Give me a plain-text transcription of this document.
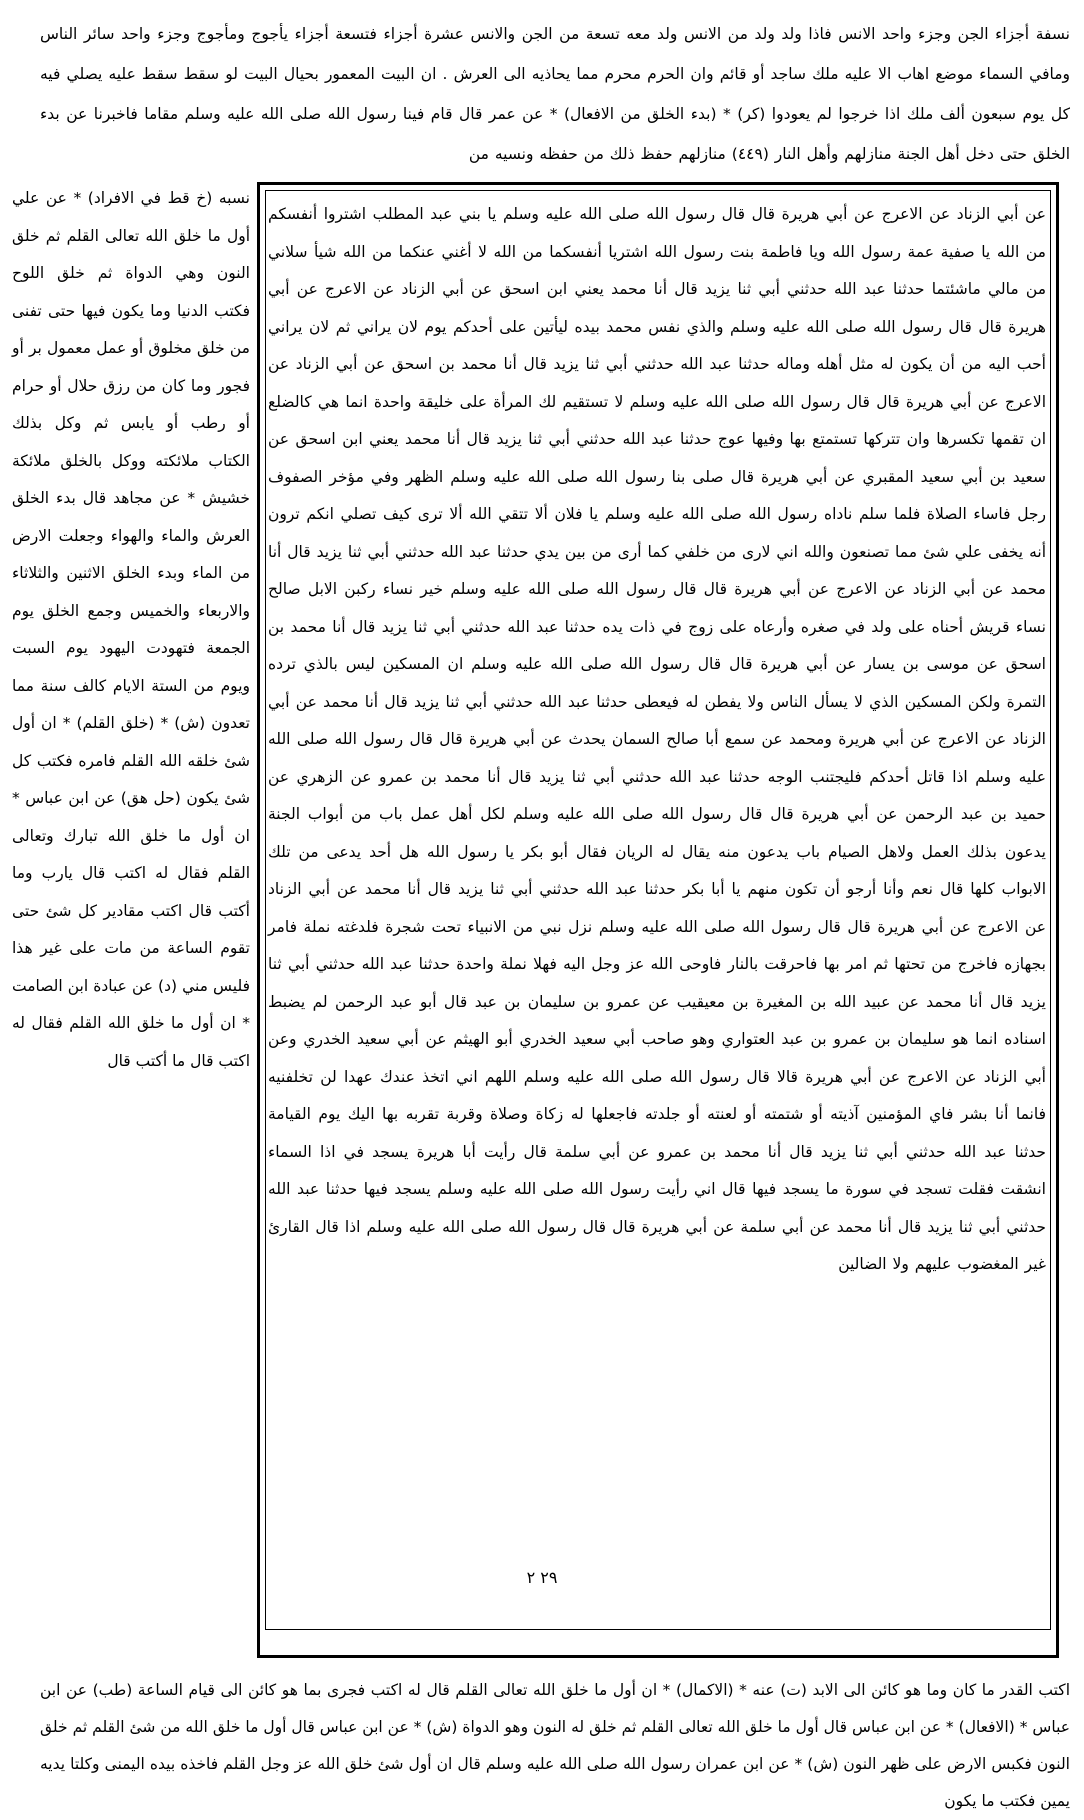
نسفة أجزاء الجن وجزء واحد الانس فاذا ولد ولد من الانس ولد معه تسعة من الجن والانس عشرة أجزاء فتسعة أجزاء يأجوج ومأجوج وجزء واحد سائر الناس ومافي السماء موضع اهاب الا عليه ملك ساجد أو قائم وان الحرم محرم مما يحاذيه الى العرش . ان البيت المعمور بحيال البيت لو سقط سقط عليه يصلي فيه كل يوم سبعون ألف ملك اذا خرجوا لم يعودوا (كر) * (بدء الخلق من الافعال) * عن عمر قال قام فينا رسول الله صلى الله عليه وسلم مقاما فاخبرنا عن بدء الخلق حتى دخل أهل الجنة منازلهم وأهل النار (٤٤٩) منازلهم حفظ ذلك من حفظه ونسيه من
عن أبي الزناد عن الاعرج عن أبي هريرة قال قال رسول الله صلى الله عليه وسلم يا بني عبد المطلب اشتروا أنفسكم من الله يا صفية عمة رسول الله ويا فاطمة بنت رسول الله اشتريا أنفسكما من الله لا أغني عنكما من الله شيأ سلاني من مالي ماشئتما حدثنا عبد الله حدثني أبي ثنا يزيد قال أنا محمد يعني ابن اسحق عن أبي الزناد عن الاعرج عن أبي هريرة قال قال رسول الله صلى الله عليه وسلم والذي نفس محمد بيده ليأتين على أحدكم يوم لان يراني ثم لان يراني أحب اليه من أن يكون له مثل أهله وماله حدثنا عبد الله حدثني أبي ثنا يزيد قال أنا محمد بن اسحق عن أبي الزناد عن الاعرج عن أبي هريرة قال قال رسول الله صلى الله عليه وسلم لا تستقيم لك المرأة على خليقة واحدة انما هي كالضلع ان تقمها تكسرها وان تتركها تستمتع بها وفيها عوج حدثنا عبد الله حدثني أبي ثنا يزيد قال أنا محمد يعني ابن اسحق عن سعيد بن أبي سعيد المقبري عن أبي هريرة قال صلى بنا رسول الله صلى الله عليه وسلم الظهر وفي مؤخر الصفوف رجل فاساء الصلاة فلما سلم ناداه رسول الله صلى الله عليه وسلم يا فلان ألا تتقي الله ألا ترى كيف تصلي انكم ترون أنه يخفى علي شئ مما تصنعون والله اني لارى من خلفي كما أرى من بين يدي حدثنا عبد الله حدثني أبي ثنا يزيد قال أنا محمد عن أبي الزناد عن الاعرج عن أبي هريرة قال قال رسول الله صلى الله عليه وسلم خير نساء ركبن الابل صالح نساء قريش أحناه على ولد في صغره وأرعاه على زوج في ذات يده حدثنا عبد الله حدثني أبي ثنا يزيد قال أنا محمد بن اسحق عن موسى بن يسار عن أبي هريرة قال قال رسول الله صلى الله عليه وسلم ان المسكين ليس بالذي ترده التمرة ولكن المسكين الذي لا يسأل الناس ولا يفطن له فيعطى حدثنا عبد الله حدثني أبي ثنا يزيد قال أنا محمد عن أبي الزناد عن الاعرج عن أبي هريرة ومحمد عن سمع أبا صالح السمان يحدث عن أبي هريرة قال قال رسول الله صلى الله عليه وسلم اذا قاتل أحدكم فليجتنب الوجه حدثنا عبد الله حدثني أبي ثنا يزيد قال أنا محمد بن عمرو عن الزهري عن حميد بن عبد الرحمن عن أبي هريرة قال قال رسول الله صلى الله عليه وسلم لكل أهل عمل باب من أبواب الجنة يدعون بذلك العمل ولاهل الصيام باب يدعون منه يقال له الريان فقال أبو بكر يا رسول الله هل أحد يدعى من تلك الابواب كلها قال نعم وأنا أرجو أن تكون منهم يا أبا بكر حدثنا عبد الله حدثني أبي ثنا يزيد قال أنا محمد عن أبي الزناد عن الاعرج عن أبي هريرة قال قال رسول الله صلى الله عليه وسلم نزل نبي من الانبياء تحت شجرة فلدغته نملة فامر بجهازه فاخرج من تحتها ثم امر بها فاحرقت بالنار فاوحى الله عز وجل اليه فهلا نملة واحدة حدثنا عبد الله حدثني أبي ثنا يزيد قال أنا محمد عن عبيد الله بن المغيرة بن معيقيب عن عمرو بن سليمان بن عبد قال أبو عبد الرحمن لم يضبط اسناده انما هو سليمان بن عمرو بن عبد العتواري وهو صاحب أبي سعيد الخدري أبو الهيثم عن أبي سعيد الخدري وعن أبي الزناد عن الاعرج عن أبي هريرة قالا قال رسول الله صلى الله عليه وسلم اللهم اني اتخذ عندك عهدا لن تخلفنيه فانما أنا بشر فاي المؤمنين آذيته أو شتمته أو لعنته أو جلدته فاجعلها له زكاة وصلاة وقربة تقربه بها اليك يوم القيامة حدثنا عبد الله حدثني أبي ثنا يزيد قال أنا محمد بن عمرو عن أبي سلمة قال رأيت أبا هريرة يسجد في اذا السماء انشقت فقلت تسجد في سورة ما يسجد فيها قال اني رأيت رسول الله صلى الله عليه وسلم يسجد فيها حدثنا عبد الله حدثني أبي ثنا يزيد قال أنا محمد عن أبي سلمة عن أبي هريرة قال قال رسول الله صلى الله عليه وسلم اذا قال القارئ غير المغضوب عليهم ولا الضالين
نسبه (خ قط في الافراد) * عن علي أول ما خلق الله تعالى القلم ثم خلق النون وهي الدواة ثم خلق اللوح فكتب الدنيا وما يكون فيها حتى تفنى من خلق مخلوق أو عمل معمول بر أو فجور وما كان من رزق حلال أو حرام أو رطب أو يابس ثم وكل بذلك الكتاب ملائكته ووكل بالخلق ملائكة خشيش * عن مجاهد قال بدء الخلق العرش والماء والهواء وجعلت الارض من الماء وبدء الخلق الاثنين والثلاثاء والاربعاء والخميس وجمع الخلق يوم الجمعة فتهودت اليهود يوم السبت ويوم من الستة الايام كالف سنة مما تعدون (ش) * (خلق القلم) * ان أول شئ خلقه الله القلم فامره فكتب كل شئ يكون (حل هق) عن ابن عباس * ان أول ما خلق الله تبارك وتعالى القلم فقال له اكتب قال يارب وما أكتب قال اكتب مقادير كل شئ حتى تقوم الساعة من مات على غير هذا فليس مني (د) عن عبادة ابن الصامت * ان أول ما خلق الله القلم فقال له اكتب قال ما أكتب قال
اكتب القدر ما كان وما هو كائن الى الابد (ت) عنه * (الاكمال) * ان أول ما خلق الله تعالى القلم قال له اكتب فجرى بما هو كائن الى قيام الساعة (طب) عن ابن عباس * (الافعال) * عن ابن عباس قال أول ما خلق الله تعالى القلم ثم خلق له النون وهو الدواة (ش) * عن ابن عباس قال أول ما خلق الله من شئ القلم ثم خلق النون فكبس الارض على ظهر النون (ش) * عن ابن عمران رسول الله صلى الله عليه وسلم قال ان أول شئ خلق الله عز وجل القلم فاخذه بيده اليمنى وكلتا يديه يمين فكتب ما يكون
٢٩ ٢
